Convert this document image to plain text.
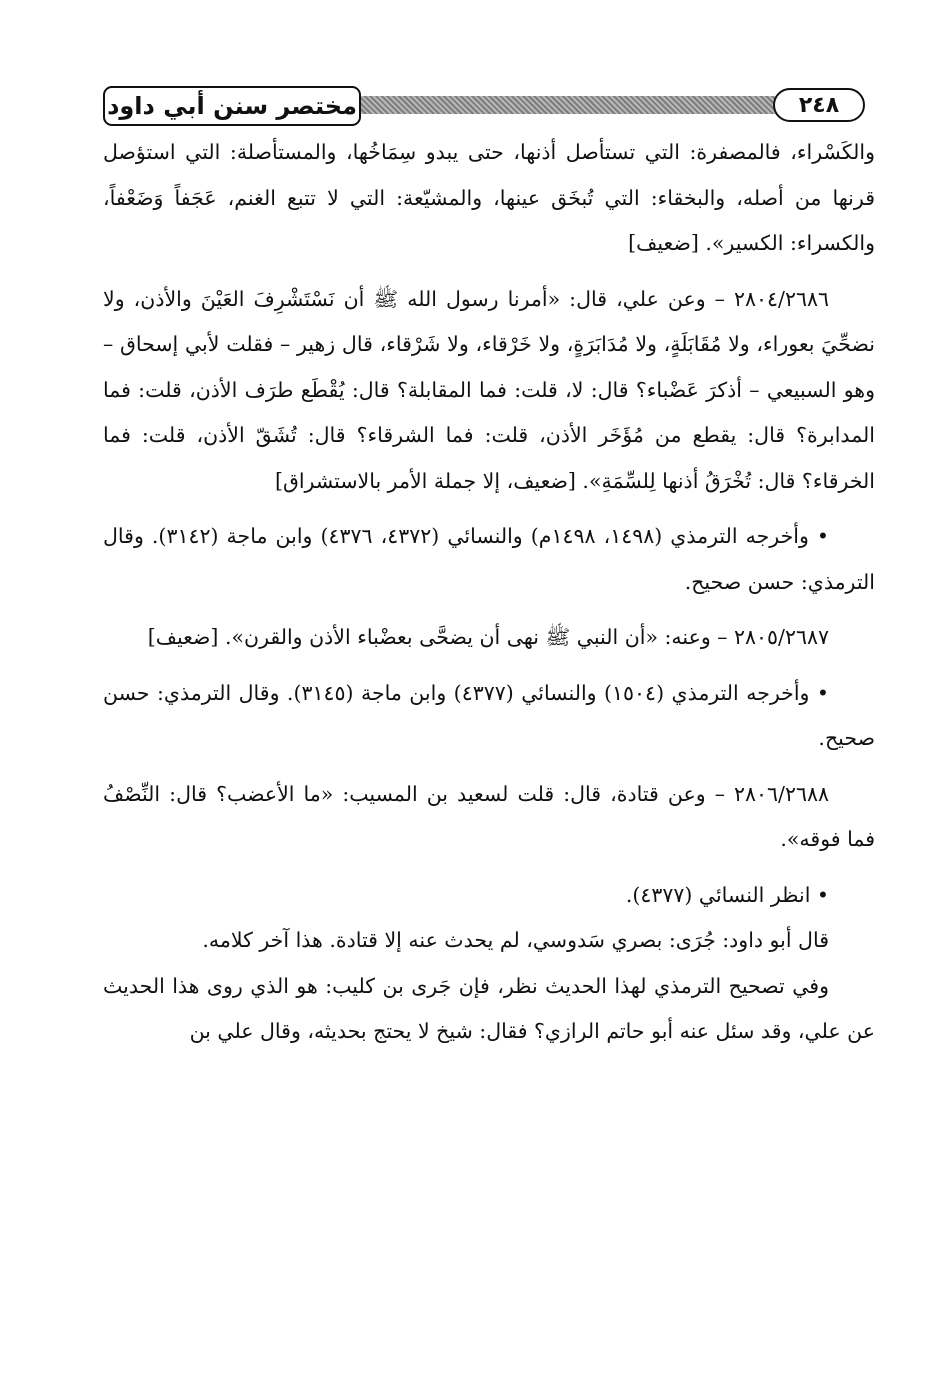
مختصر سنن أبي داود	٢٤٨

والكَسْراء، فالمصفرة: التي تستأصل أذنها، حتى يبدو سِمَاخُها، والمستأصلة: التي استؤصل قرنها من أصله، والبخقاء: التي تُبخَق عينها، والمشيّعة: التي لا تتبع الغنم، عَجَفاً وَضَعْفاً، والكسراء: الكسير». [ضعيف]

٢٨٠٤/٢٦٨٦ – وعن علي، قال: «أمرنا رسول الله ﷺ أن نَسْتَشْرِفَ العَيْنَ والأذن، ولا نضحِّيَ بعوراء، ولا مُقَابَلَةٍ، ولا مُدَابَرَةٍ، ولا خَرْقاء، ولا شَرْقاء، قال زهير – فقلت لأبي إسحاق – وهو السبيعي – أذكرَ عَضْباء؟ قال: لا، قلت: فما المقابلة؟ قال: يُقْطَع طرَف الأذن، قلت: فما المدابرة؟ قال: يقطع من مُؤَخَر الأذن، قلت: فما الشرقاء؟ قال: تُشَقّ الأذن، قلت: فما الخرقاء؟ قال: تُخْرَقُ أذنها لِلسِّمَةِ». [ضعيف، إلا جملة الأمر بالاستشراق]

• وأخرجه الترمذي (١٤٩٨، ١٤٩٨م) والنسائي (٤٣٧٢، ٤٣٧٦) وابن ماجة (٣١٤٢). وقال الترمذي: حسن صحيح.

٢٨٠٥/٢٦٨٧ – وعنه: «أن النبي ﷺ نهى أن يضحَّى بعضْباء الأذن والقرن». [ضعيف]

• وأخرجه الترمذي (١٥٠٤) والنسائي (٤٣٧٧) وابن ماجة (٣١٤٥). وقال الترمذي: حسن صحيح.

٢٨٠٦/٢٦٨٨ – وعن قتادة، قال: قلت لسعيد بن المسيب: «ما الأعضب؟ قال: النِّصْفُ فما فوقه».

• انظر النسائي (٤٣٧٧).

قال أبو داود: جُرَى: بصري سَدوسي، لم يحدث عنه إلا قتادة. هذا آخر كلامه.

وفي تصحيح الترمذي لهذا الحديث نظر، فإن جَرى بن كليب: هو الذي روى هذا الحديث عن علي، وقد سئل عنه أبو حاتم الرازي؟ فقال: شيخ لا يحتج بحديثه، وقال علي بن
